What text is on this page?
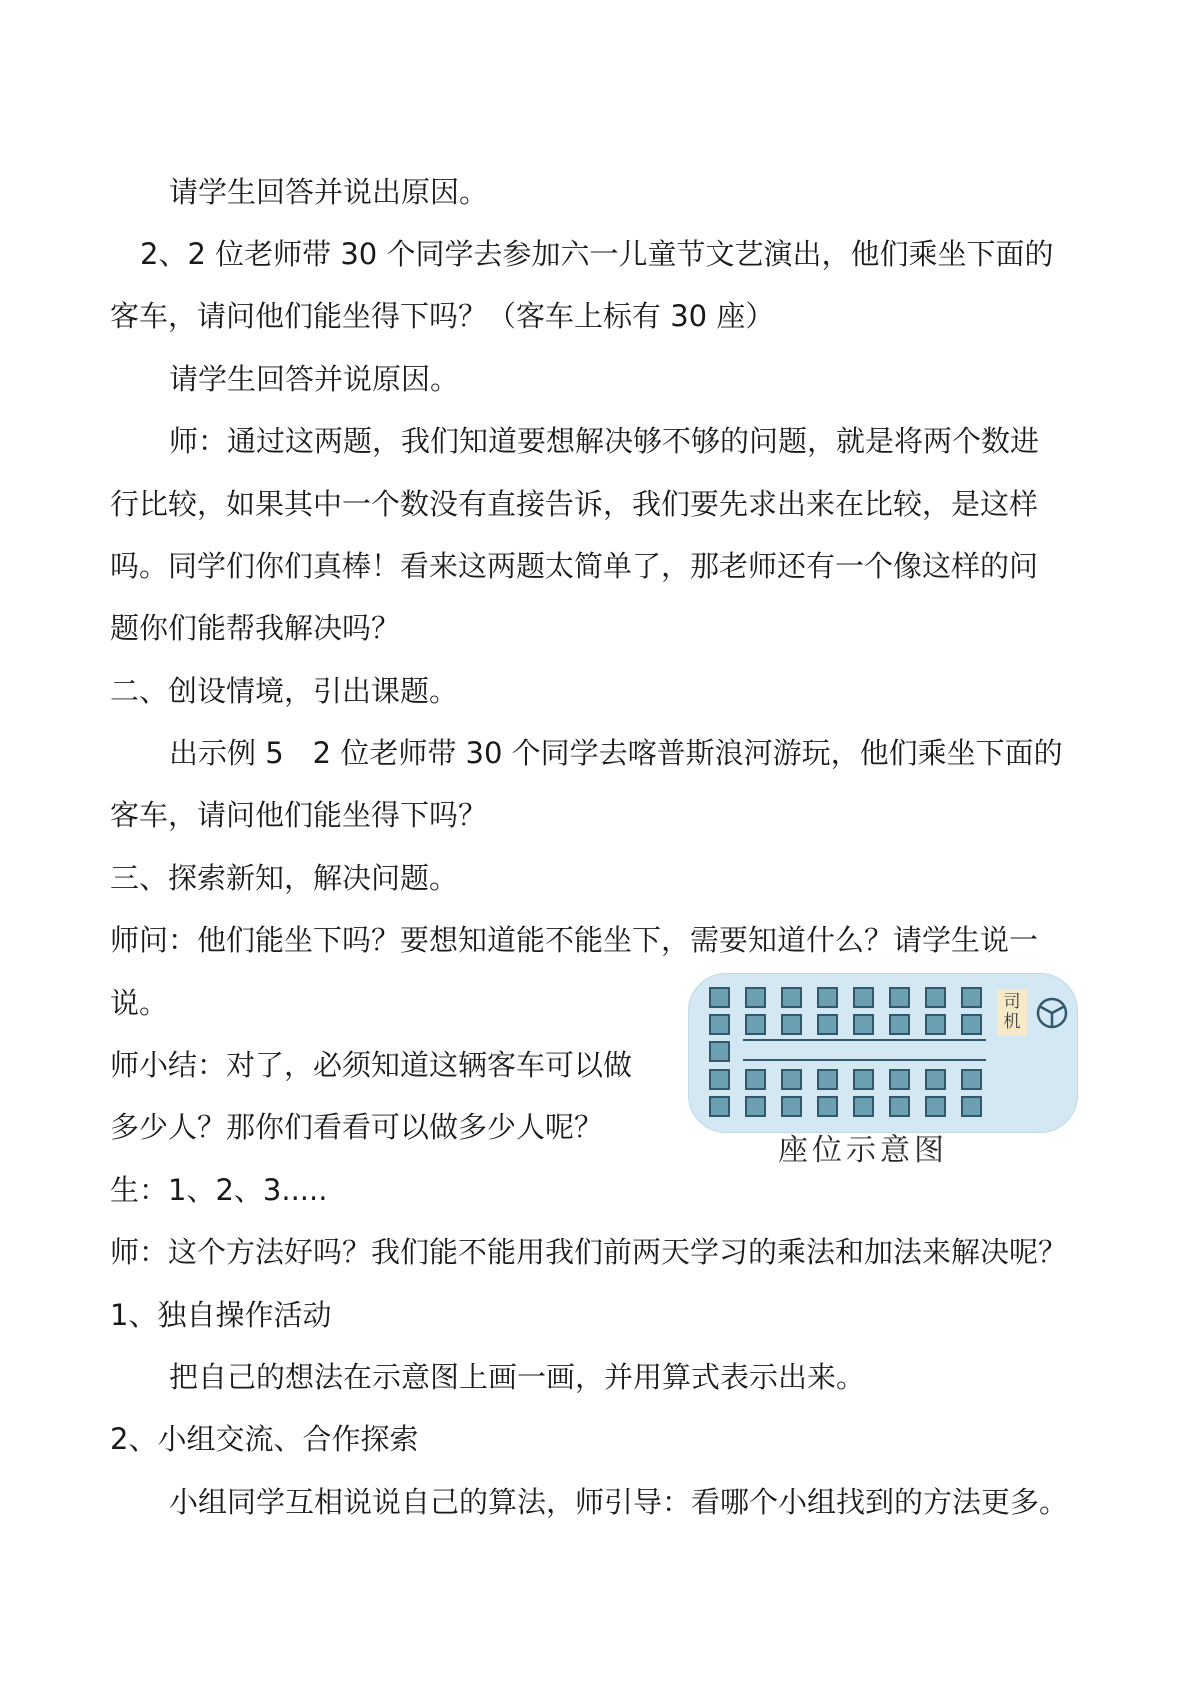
请学生回答并说出原因。
2、2 位老师带 30 个同学去参加六一儿童节文艺演出，他们乘坐下面的
客车，请问他们能坐得下吗？（客车上标有 30 座）
请学生回答并说原因。
师：通过这两题，我们知道要想解决够不够的问题，就是将两个数进
行比较，如果其中一个数没有直接告诉，我们要先求出来在比较，是这样
吗。同学们你们真棒！看来这两题太简单了，那老师还有一个像这样的问
题你们能帮我解决吗？
二、创设情境，引出课题。
出示例 5　2 位老师带 30 个同学去喀普斯浪河游玩，他们乘坐下面的
客车，请问他们能坐得下吗？
三、探索新知，解决问题。
师问：他们能坐下吗？要想知道能不能坐下，需要知道什么？请学生说一
说。
师小结：对了，必须知道这辆客车可以做
多少人？那你们看看可以做多少人呢？
生：1、2、3.....
师：这个方法好吗？我们能不能用我们前两天学习的乘法和加法来解决呢？
1、独自操作活动
把自己的想法在示意图上画一画，并用算式表示出来。
2、小组交流、合作探索
小组同学互相说说自己的算法，师引导：看哪个小组找到的方法更多。
司
机
座位示意图
